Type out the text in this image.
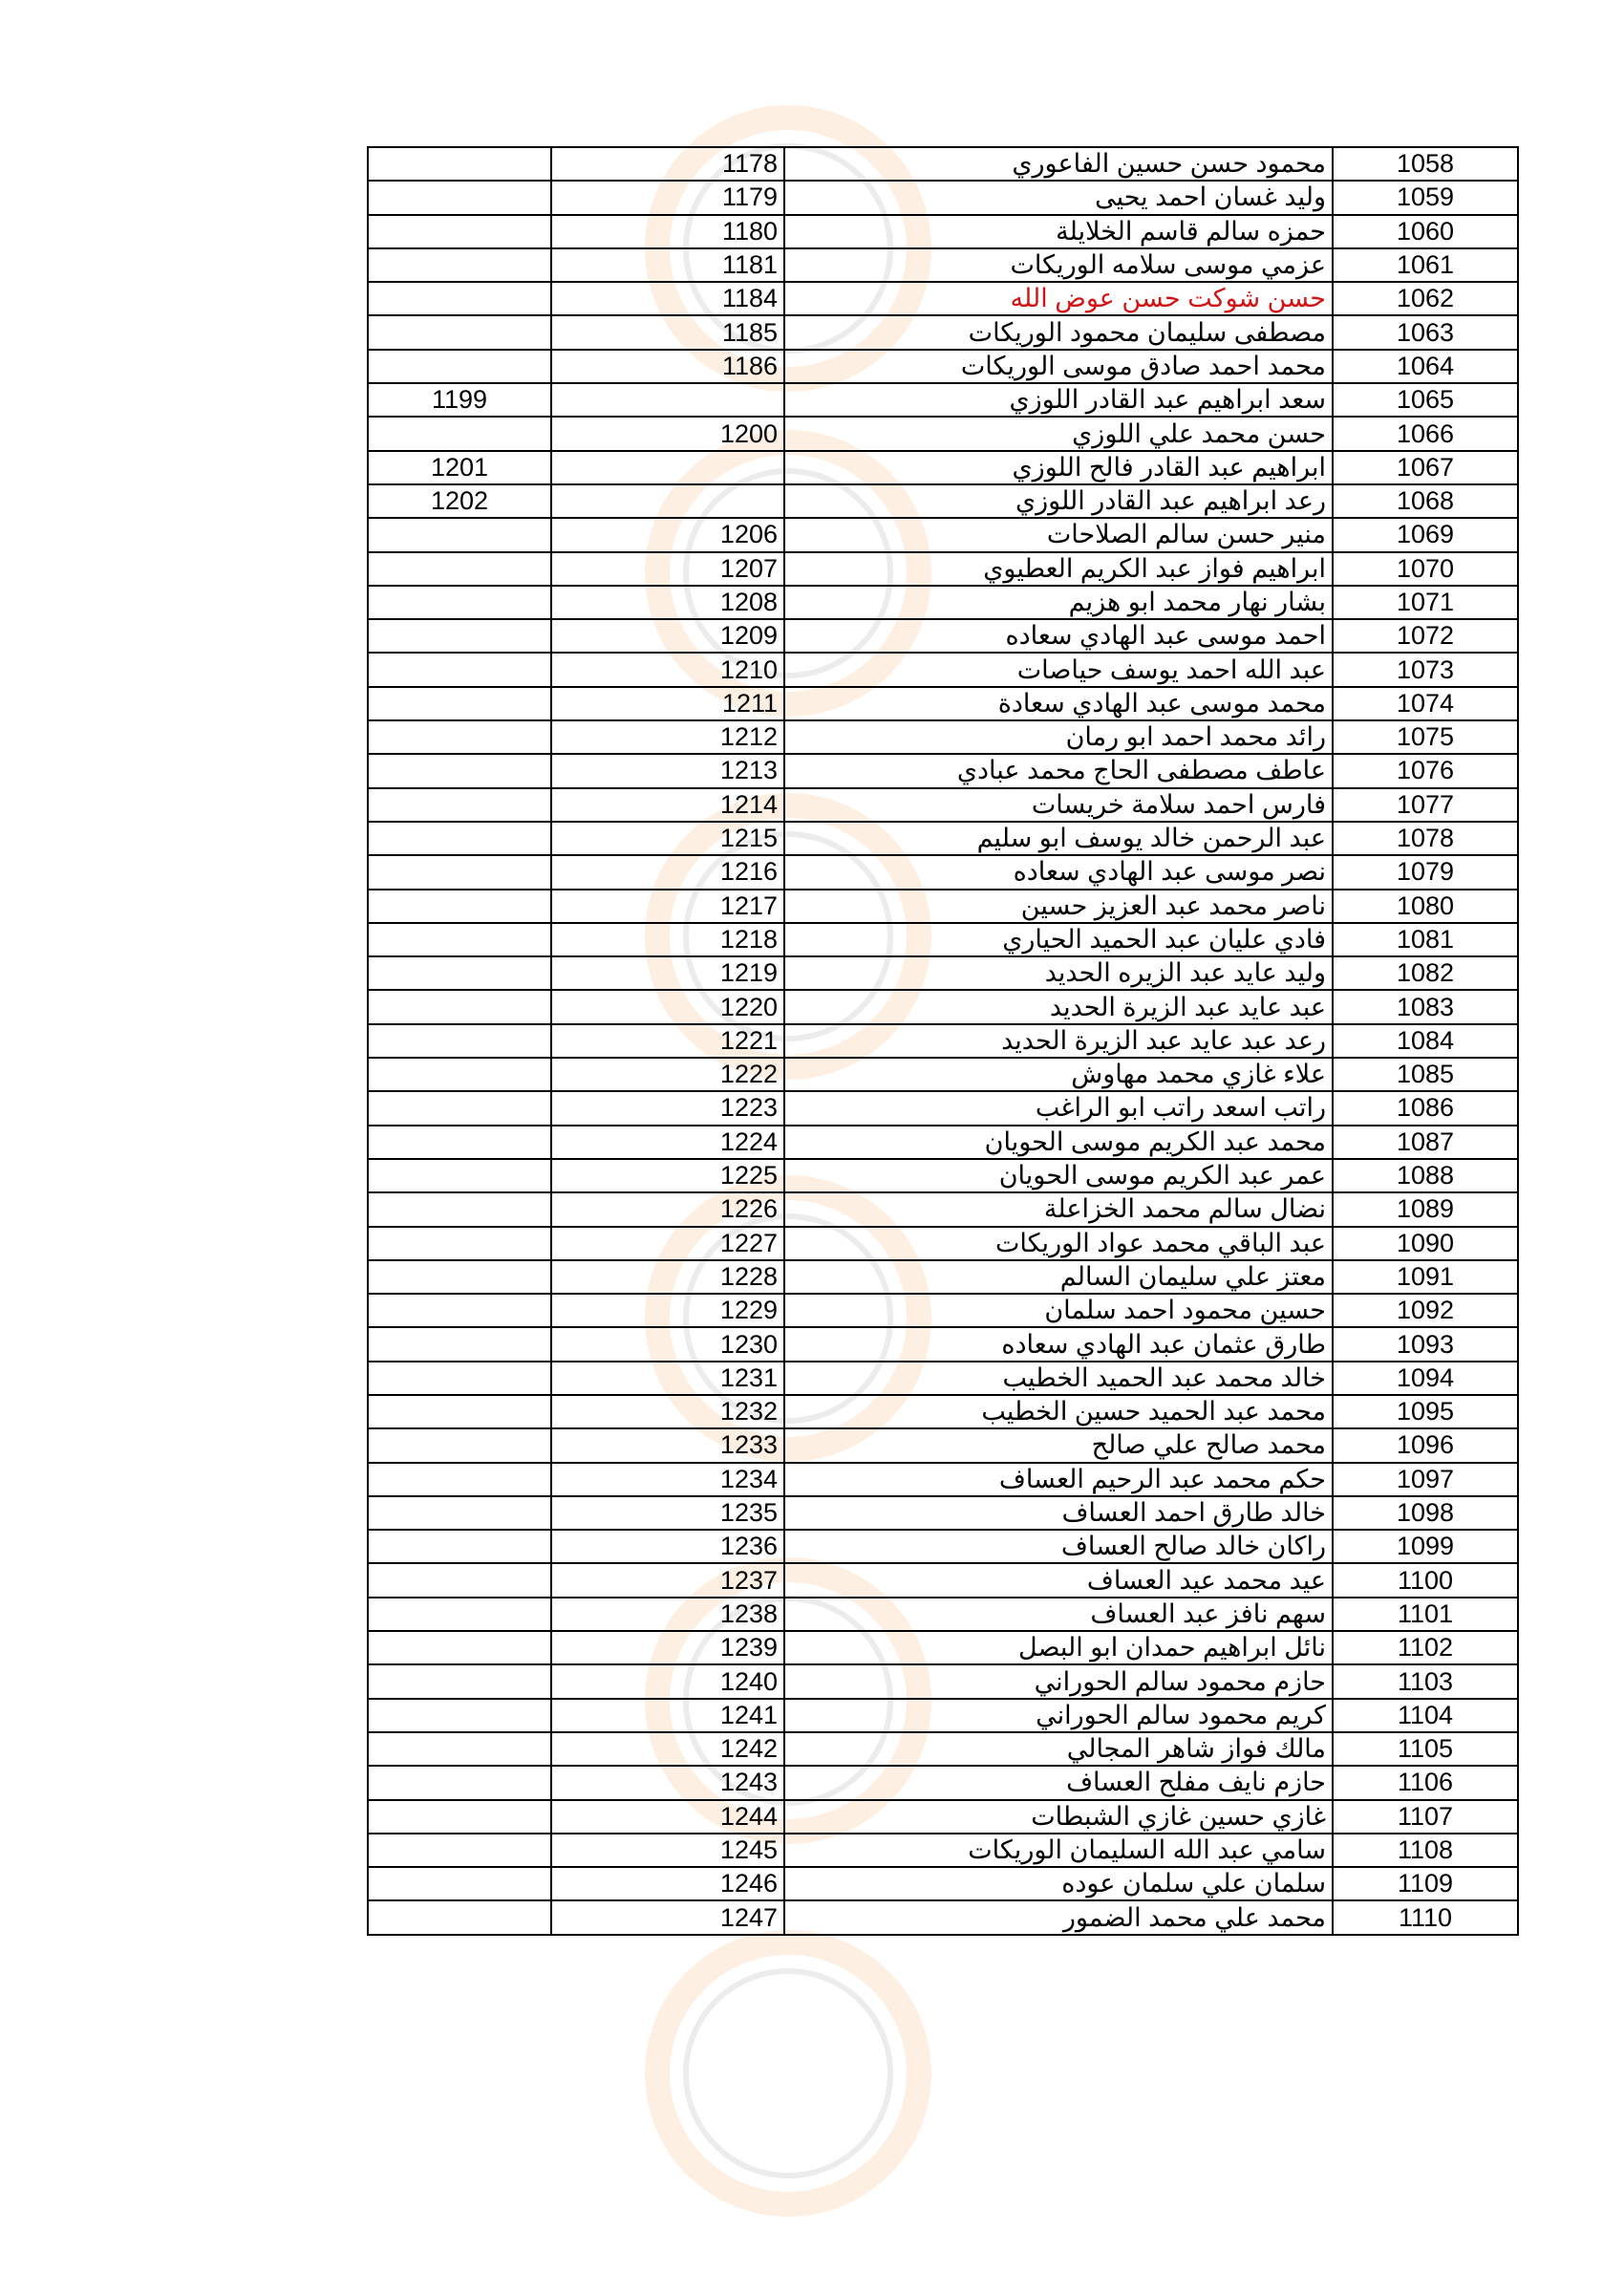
	1178	محمود حسن حسين الفاعوري	1058
	1179	وليد غسان احمد يحيى	1059
	1180	حمزه سالم قاسم الخلايلة	1060
	1181	عزمي موسى سلامه الوريكات	1061
	1184	حسن شوكت حسن عوض الله	1062
	1185	مصطفى سليمان محمود الوريكات	1063
	1186	محمد احمد صادق موسى الوريكات	1064
1199		سعد ابراهيم عبد القادر اللوزي	1065
	1200	حسن محمد علي اللوزي	1066
1201		ابراهيم عبد القادر فالح اللوزي	1067
1202		رعد ابراهيم عبد القادر اللوزي	1068
	1206	منير حسن سالم الصلاحات	1069
	1207	ابراهيم فواز عبد الكريم العطيوي	1070
	1208	بشار نهار محمد ابو هزيم	1071
	1209	احمد موسى عبد الهادي سعاده	1072
	1210	عبد الله احمد يوسف حياصات	1073
	1211	محمد موسى عبد الهادي سعادة	1074
	1212	رائد محمد احمد ابو رمان	1075
	1213	عاطف مصطفى الحاج محمد عبادي	1076
	1214	فارس احمد سلامة خريسات	1077
	1215	عبد الرحمن خالد يوسف ابو سليم	1078
	1216	نصر موسى عبد الهادي سعاده	1079
	1217	ناصر محمد عبد العزيز حسين	1080
	1218	فادي عليان عبد الحميد الحياري	1081
	1219	وليد عايد عبد الزيره الحديد	1082
	1220	عبد عايد عبد الزيرة الحديد	1083
	1221	رعد عبد عايد عبد الزيرة الحديد	1084
	1222	علاء غازي محمد مهاوش	1085
	1223	راتب اسعد راتب ابو الراغب	1086
	1224	محمد عبد الكريم موسى الحويان	1087
	1225	عمر عبد الكريم موسى الحويان	1088
	1226	نضال سالم محمد الخزاعلة	1089
	1227	عبد الباقي محمد عواد الوريكات	1090
	1228	معتز علي سليمان السالم	1091
	1229	حسين محمود احمد سلمان	1092
	1230	طارق عثمان عبد الهادي سعاده	1093
	1231	خالد محمد عبد الحميد الخطيب	1094
	1232	محمد عبد الحميد حسين الخطيب	1095
	1233	محمد صالح علي صالح	1096
	1234	حكم محمد عبد الرحيم العساف	1097
	1235	خالد طارق احمد العساف	1098
	1236	راكان خالد صالح العساف	1099
	1237	عيد محمد عيد العساف	1100
	1238	سهم نافز عبد العساف	1101
	1239	نائل ابراهيم حمدان ابو البصل	1102
	1240	حازم محمود سالم الحوراني	1103
	1241	كريم محمود سالم الحوراني	1104
	1242	مالك فواز شاهر المجالي	1105
	1243	حازم نايف مفلح العساف	1106
	1244	غازي حسين غازي الشبطات	1107
	1245	سامي عبد الله السليمان الوريكات	1108
	1246	سلمان علي سلمان عوده	1109
	1247	محمد علي محمد الضمور	1110
